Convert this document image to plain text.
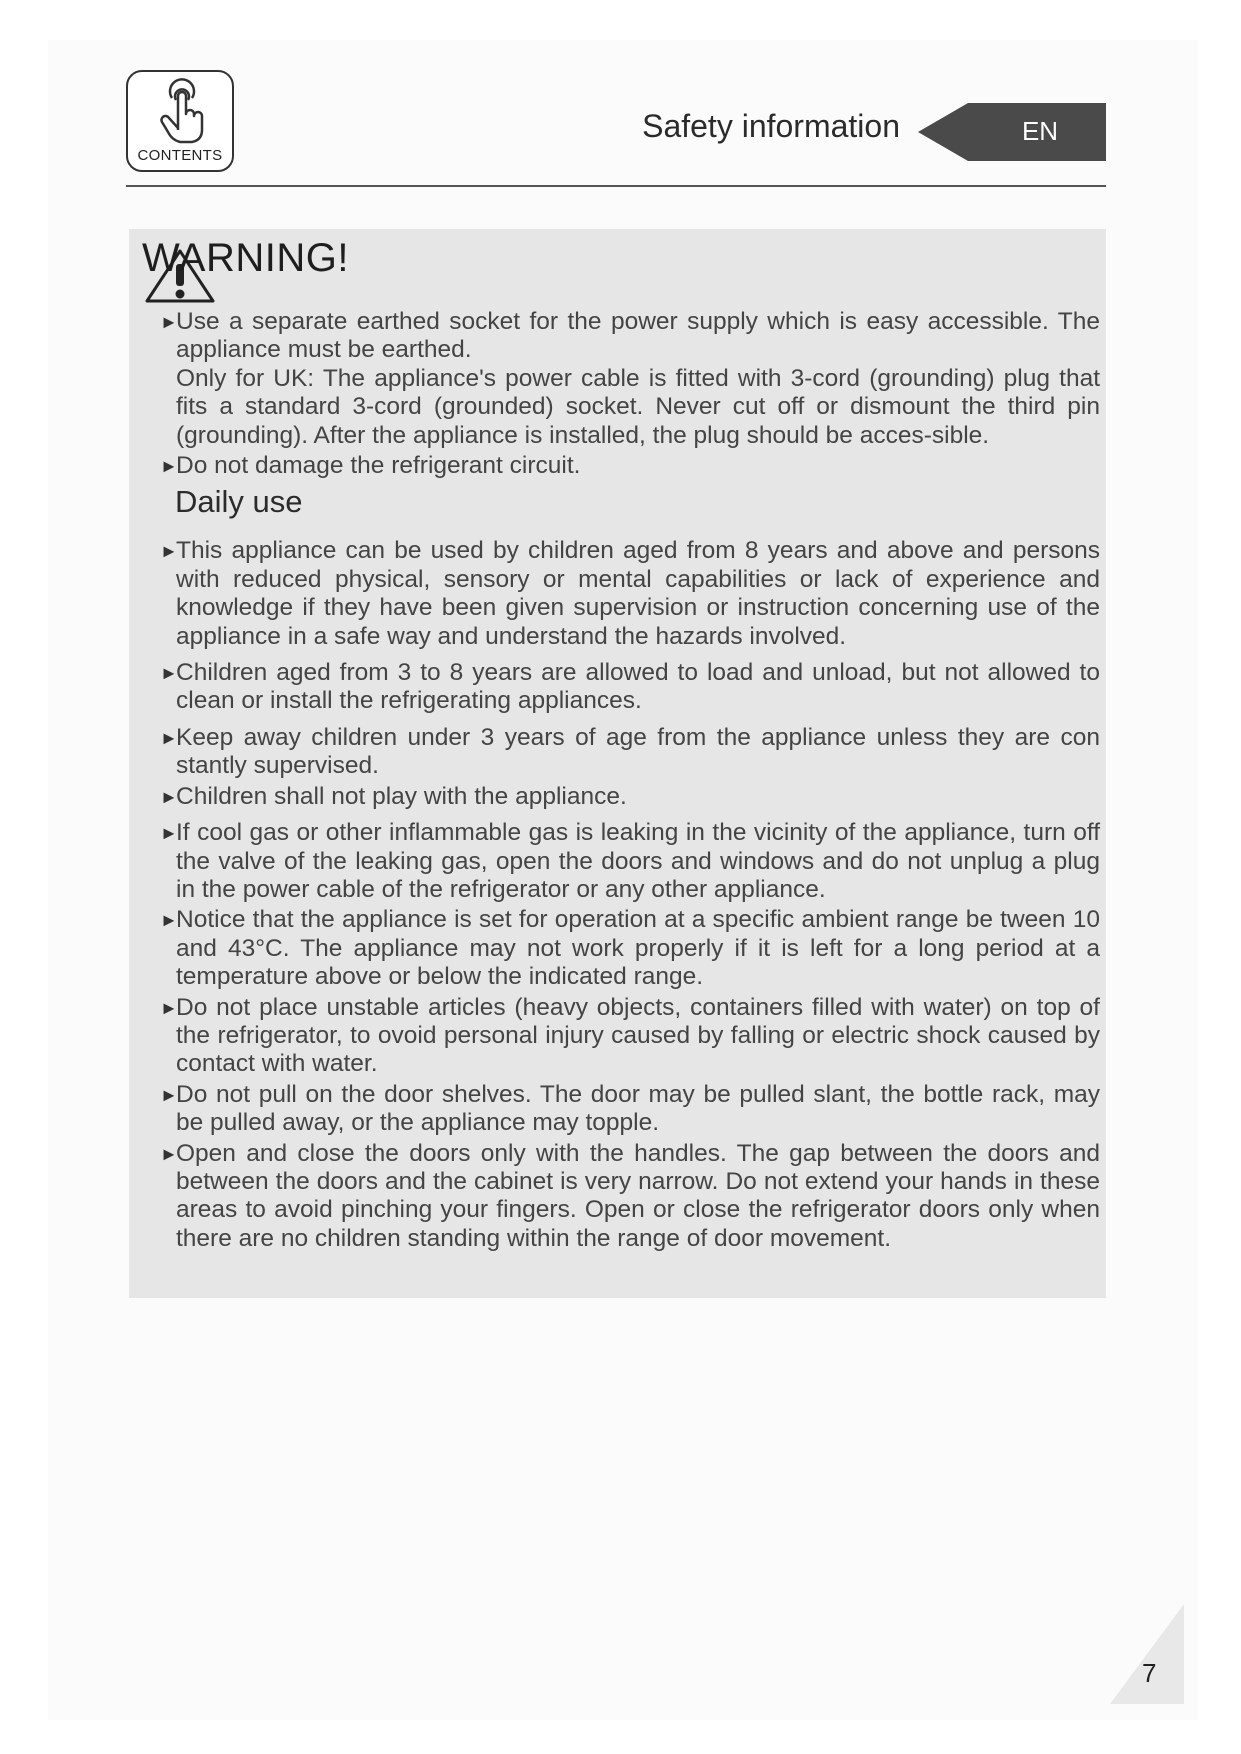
CONTENTS
Safety information	EN
WARNING!
►
Use a separate earthed socket for the power supply which is easy accessible. The appliance must be earthed.
Only for UK: The appliance's power cable is fitted with 3-cord (grounding) plug that fits a standard 3-cord (grounded) socket. Never cut off or dismount the third pin (grounding). After the appliance is installed, the plug should be acces-sible.
►
Do not damage the refrigerant circuit.
Daily use
►
This appliance can be used by children aged from 8 years and above and persons with reduced physical, sensory or mental capabilities or lack of experience and knowledge if they have been given supervision or instruction concerning use of the appliance in a safe way and understand the hazards involved.
►
Children aged from 3 to 8 years are allowed to load and unload, but not allowed to clean or install the refrigerating appliances.
►
Keep away children under 3 years of age from the appliance unless they are con stantly supervised.
►
Children shall not play with the appliance.
►
If cool gas or other inflammable gas is leaking in the vicinity of the appliance, turn off the valve of the leaking gas, open the doors and windows and do not unplug a plug in the power cable of the refrigerator or any other appliance.
►
Notice that the appliance is set for operation at a specific ambient range be tween 10 and 43°C. The appliance may not work properly if it is left for a long period at a temperature above or below the indicated range.
►
Do not place unstable articles (heavy objects, containers filled with water) on top of the refrigerator, to ovoid personal injury caused by falling or electric shock caused by contact with water.
►
Do not pull on the door shelves. The door may be pulled slant, the bottle rack, may be pulled away, or the appliance may topple.
►
Open and close the doors only with the handles. The gap between the doors and between the doors and the cabinet is very narrow. Do not extend your hands in these areas to avoid pinching your fingers. Open or close the refrigerator doors only when there are no children standing within the range of door movement.
7
